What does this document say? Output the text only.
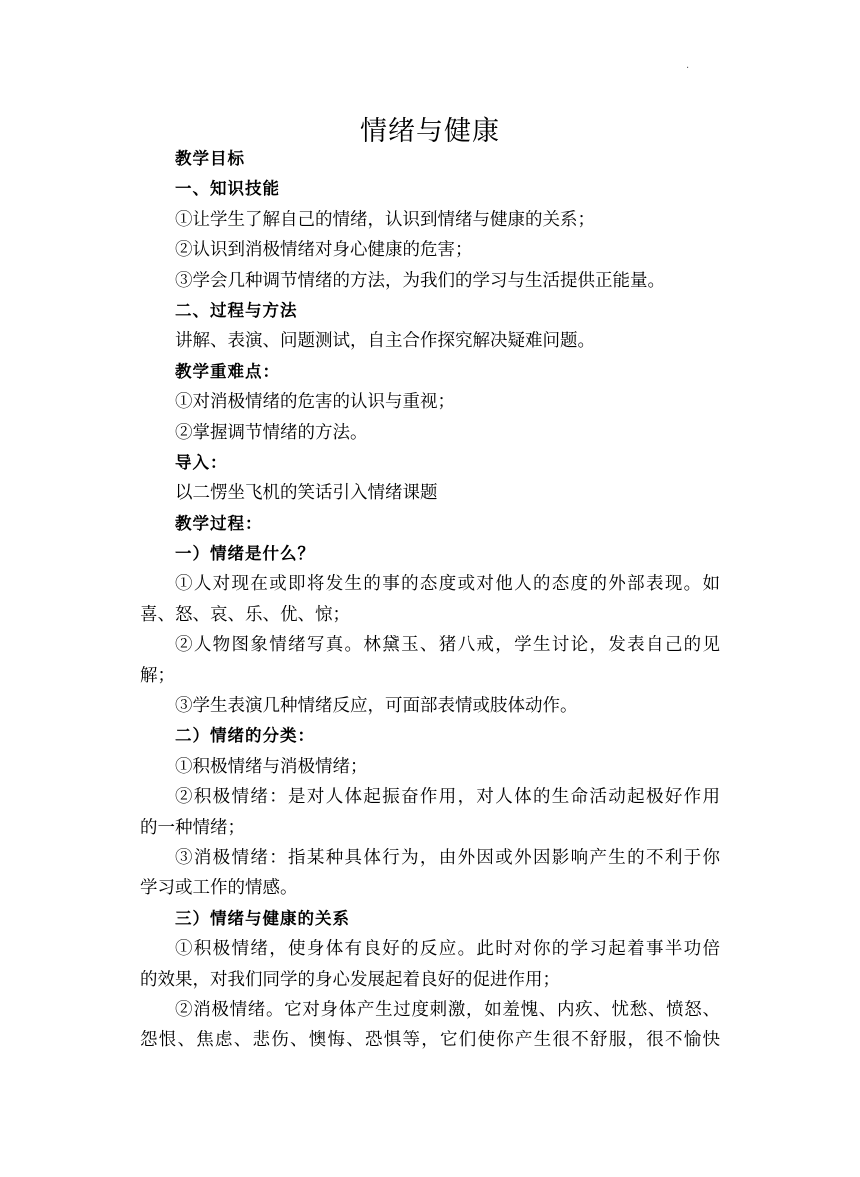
.
情绪与健康
教学目标
一、知识技能
①让学生了解自己的情绪，认识到情绪与健康的关系；
②认识到消极情绪对身心健康的危害；
③学会几种调节情绪的方法，为我们的学习与生活提供正能量。
二、过程与方法
讲解、表演、问题测试，自主合作探究解决疑难问题。
教学重难点：
①对消极情绪的危害的认识与重视；
②掌握调节情绪的方法。
导入：
以二愣坐飞机的笑话引入情绪课题
教学过程：
一）情绪是什么？
①人对现在或即将发生的事的态度或对他人的态度的外部表现。如
喜、怒、哀、乐、优、惊；
②人物图象情绪写真。林黛玉、猪八戒，学生讨论，发表自己的见
解；
③学生表演几种情绪反应，可面部表情或肢体动作。
二）情绪的分类：
①积极情绪与消极情绪；
②积极情绪：是对人体起振奋作用，对人体的生命活动起极好作用
的一种情绪；
③消极情绪：指某种具体行为，由外因或外因影响产生的不利于你
学习或工作的情感。
三）情绪与健康的关系
①积极情绪，使身体有良好的反应。此时对你的学习起着事半功倍
的效果，对我们同学的身心发展起着良好的促进作用；
②消极情绪。它对身体产生过度刺激，如羞愧、内疚、忧愁、愤怒、
怨恨、焦虑、悲伤、懊悔、恐惧等，它们使你产生很不舒服，很不愉快
